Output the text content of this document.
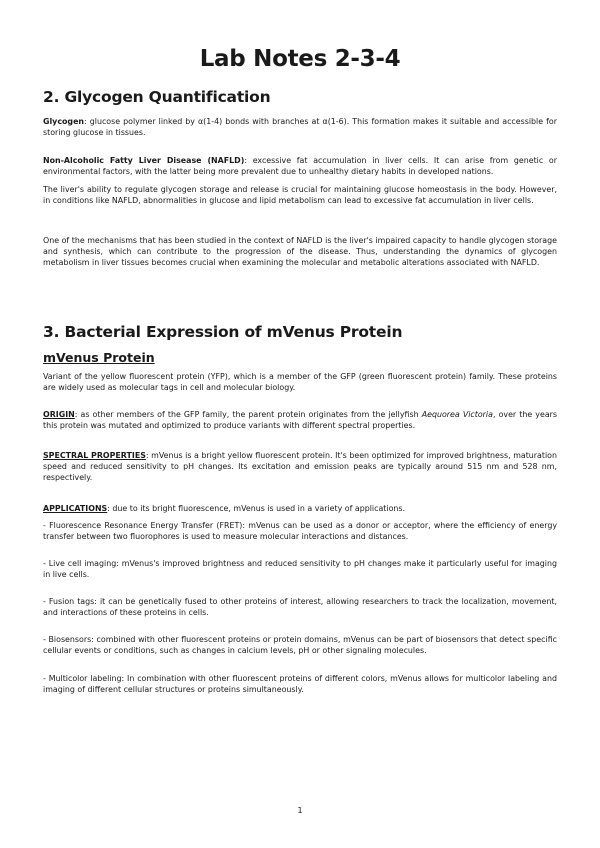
Lab Notes 2-3-4
2. Glycogen Quantification

Glycogen: glucose polymer linked by α(1-4) bonds with branches at α(1-6). This formation makes it suitable and accessible for storing glucose in tissues.

Non-Alcoholic Fatty Liver Disease (NAFLD): excessive fat accumulation in liver cells. It can arise from genetic or environmental factors, with the latter being more prevalent due to unhealthy dietary habits in developed nations.

The liver's ability to regulate glycogen storage and release is crucial for maintaining glucose homeostasis in the body. However, in conditions like NAFLD, abnormalities in glucose and lipid metabolism can lead to excessive fat accumulation in liver cells.

One of the mechanisms that has been studied in the context of NAFLD is the liver's impaired capacity to handle glycogen storage and synthesis, which can contribute to the progression of the disease. Thus, understanding the dynamics of glycogen metabolism in liver tissues becomes crucial when examining the molecular and metabolic alterations associated with NAFLD.

3. Bacterial Expression of mVenus Protein
mVenus Protein

Variant of the yellow fluorescent protein (YFP), which is a member of the GFP (green fluorescent protein) family. These proteins are widely used as molecular tags in cell and molecular biology.

ORIGIN: as other members of the GFP family, the parent protein originates from the jellyfish Aequorea Victoria, over the years this protein was mutated and optimized to produce variants with different spectral properties.

SPECTRAL PROPERTIES: mVenus is a bright yellow fluorescent protein. It's been optimized for improved brightness, maturation speed and reduced sensitivity to pH changes. Its excitation and emission peaks are typically around 515 nm and 528 nm, respectively.

APPLICATIONS: due to its bright fluorescence, mVenus is used in a variety of applications.

- Fluorescence Resonance Energy Transfer (FRET): mVenus can be used as a donor or acceptor, where the efficiency of energy transfer between two fluorophores is used to measure molecular interactions and distances.

- Live cell imaging: mVenus's improved brightness and reduced sensitivity to pH changes make it particularly useful for imaging in live cells.

- Fusion tags: it can be genetically fused to other proteins of interest, allowing researchers to track the localization, movement, and interactions of these proteins in cells.

- Biosensors: combined with other fluorescent proteins or protein domains, mVenus can be part of biosensors that detect specific cellular events or conditions, such as changes in calcium levels, pH or other signaling molecules.

- Multicolor labeling: In combination with other fluorescent proteins of different colors, mVenus allows for multicolor labeling and imaging of different cellular structures or proteins simultaneously.

1
